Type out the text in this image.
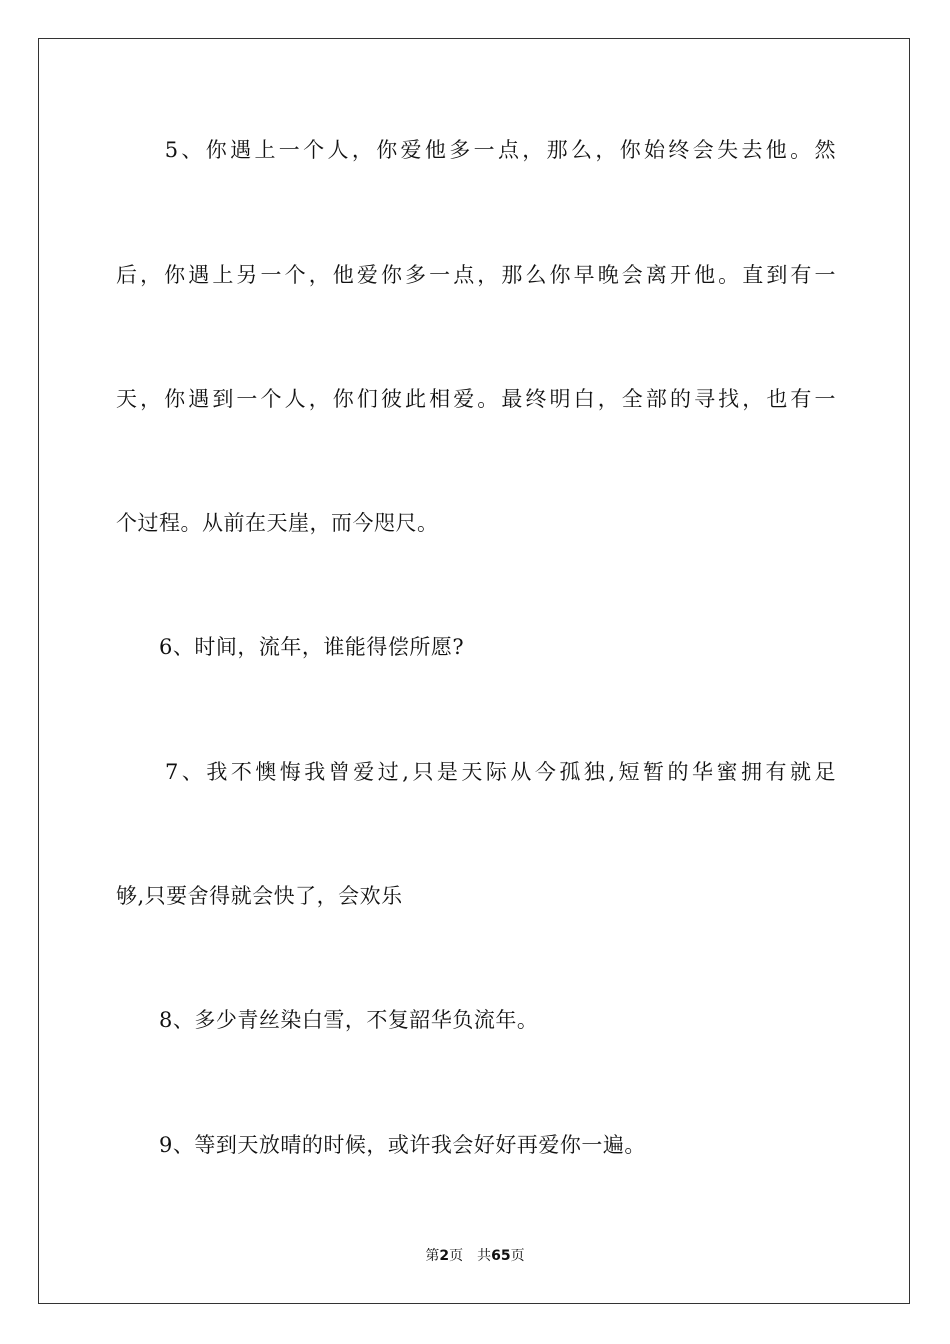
　　5、你遇上一个人，你爱他多一点，那么，你始终会失去他。然
后，你遇上另一个，他爱你多一点，那么你早晚会离开他。直到有一
天，你遇到一个人，你们彼此相爱。最终明白，全部的寻找，也有一
个过程。从前在天崖，而今咫尺。
　　6、时间，流年，谁能得偿所愿?
　　7、我不懊悔我曾爱过,只是天际从今孤独,短暂的华蜜拥有就足
够,只要舍得就会快了，会欢乐
　　8、多少青丝染白雪，不复韶华负流年。
　　9、等到天放晴的时候，或许我会好好再爱你一遍。
第2页 共65页
